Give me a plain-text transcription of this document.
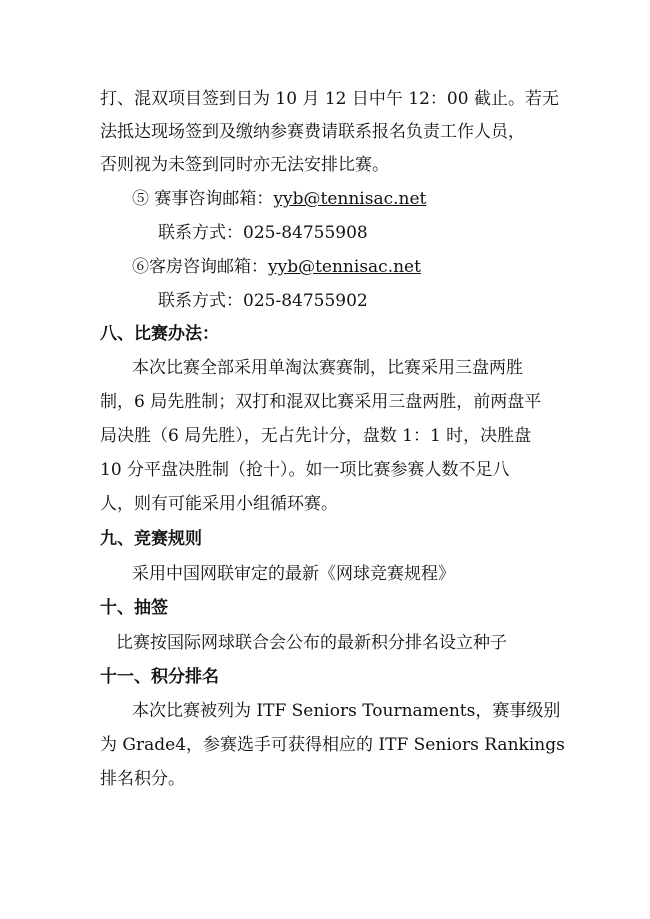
打、混双项目签到日为 10 月 12 日中午 12：00 截止。若无
法抵达现场签到及缴纳参赛费请联系报名负责工作人员，
否则视为未签到同时亦无法安排比赛。
⑤ 赛事咨询邮箱：yyb@tennisac.net
联系方式：025-84755908
⑥客房咨询邮箱：yyb@tennisac.net
联系方式：025-84755902
八、比赛办法：
本次比赛全部采用单淘汰赛赛制，比赛采用三盘两胜
制，6 局先胜制；双打和混双比赛采用三盘两胜，前两盘平
局决胜（6 局先胜），无占先计分，盘数 1：1 时，决胜盘
10 分平盘决胜制（抢十）。如一项比赛参赛人数不足八
人，则有可能采用小组循环赛。
九、竞赛规则
采用中国网联审定的最新《网球竞赛规程》
十、抽签
比赛按国际网球联合会公布的最新积分排名设立种子
十一、积分排名
本次比赛被列为 ITF Seniors Tournaments，赛事级别
为 Grade4，参赛选手可获得相应的 ITF Seniors Rankings
排名积分。
